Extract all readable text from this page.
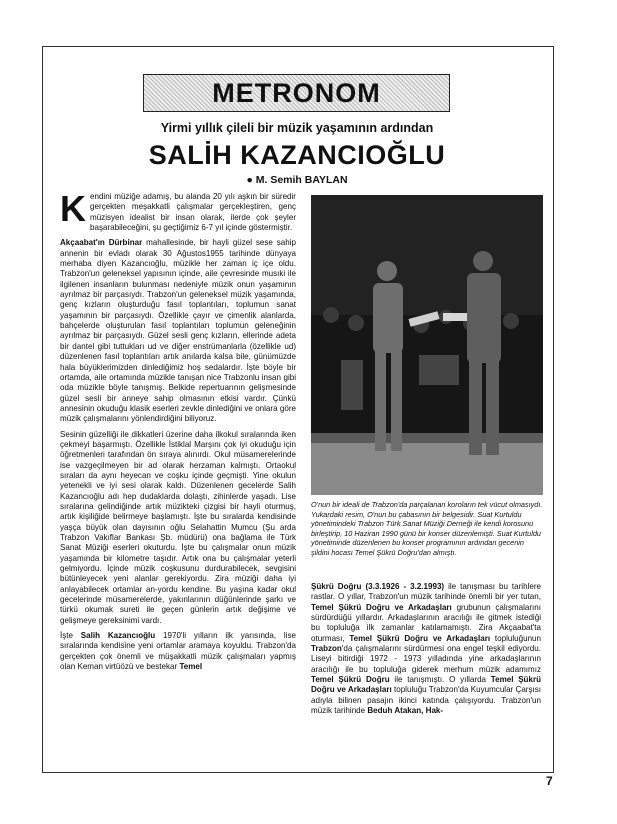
METRONOM
Yirmi yıllık çileli bir müzik yaşamının ardından
SALİH KAZANCIOĞLU
● M. Semih BAYLAN

Kendini müziğe adamış, bu alanda 20 yılı aşkın bir süredir gerçekten meşakkatli çalışmalar gerçekleştiren, genç müzisyen idealist bir insan olarak, ilerde çok şeyler başarabileceğini, şu geçtiğimiz 6-7 yıl içinde göstermiştir.

Akçaabat'ın Dürbinar mahallesinde, bir hayli güzel sese sahip annenin bir evladı olarak 30 Ağustos1955 tarihinde dünyaya merhaba diyen Kazancıoğlu, müzikle her zaman iç içe oldu. Trabzon'un geleneksel yapısının içinde, aile çevresinde musıki ile ilgilenen insanların bulunması nedeniyle müzik onun yaşamının ayrılmaz bir parçasıydı. Trabzon'un geleneksel müzik yaşamında, genç kızların oluşturduğu fasıl toplantıları, toplumun sanat yaşamının bir parçasıydı. Özellikle çayır ve çimenlik alanlarda, bahçelerde oluşturulan fasıl toplantıları toplumun geleneğinin ayrılmaz bir parçasıydı. Güzel sesli genç kızların, ellerinde adeta bir dantel gibi tuttukları ud ve diğer enstrümanlarla (özellikle ud) düzenlenen fasıl toplantıları artık anılarda kalsa bile, günümüzde hala büyüklerimizden dinlediğimiz hoş sedalardır. İşte böyle bir ortamda, aile ortamında müzikle tanışan nice Trabzonlu insan gibi oda müzikle böyle tanışmış. Belkide repertuarının gelişmesinde güzel sesli bir anneye sahip olmasının etkisi vardır. Çünkü annesinin okuduğu klasik eserleri zevkle dinlediğini ve onlara göre müzik çalışmalarını yönlendirdiğini biliyoruz.

Sesinin güzelliği ile dikkatleri üzerine daha ilkokul sıralarında iken çekmeyi başarmıştı. Özellikle İstiklal Marşını çok iyi okuduğu için öğretmenleri tarafından ön sıraya alınırdı. Okul müsamerelerinde ise vazgeçilmeyen bir ad olarak herzaman kalmıştı. Ortaokul sıraları da aynı heyecan ve coşku içinde geçmişti. Yine okulun yetenekli ve iyi sesi olarak kaldı. Düzenlenen gecelerde Salih Kazancıoğlu adı hep dudaklarda dolaştı, zihinlerde yaşadı. Lise sıralarına gelindiğinde artık müzikteki çizgisi bir hayli oturmuş, artık kişiliğide belirmeye başlamıştı. İşte bu sıralarda kendisinde yaşça büyük olan dayısının oğlu Selahattin Mumcu (Şu arda Trabzon Vakıflar Bankası Şb. müdürü) ona bağlama ile Türk Sanat Müziği eserleri okuturdu. İşte bu çalışmalar onun müzik yaşamında bir kilometre taşıdır. Artık ona bu çalışmalar yeterli gelmiyordu. İçinde müzik coşkusunu durdurabilecek, sevgisini bütünleyecek yeni alanlar gerekiyordu. Zira müziği daha iyi anlayabilecek ortamlar an-yordu kendine. Bu yaşına kadar okul gecelerinde müsamerelerde, yakınlarının düğünlerinde şarkı ve türkü okumak sureti ile geçen günlerin artık değişime ve gelişmeye gereksinimi vardı.

İşte Salih Kazancıoğlu 1970'li yılların ilk yarısında, lise sıralarında kendisine yeni ortamlar aramaya koyuldu. Trabzon'da gerçekten çok önemli ve müşakkatli müzik çalışmaları yapmış olan Keman virtüözü ve bestekar Temel

O'nun bir ideali de Trabzon'da parçalanan koroların tek vücut olmasıydı. Yukardaki resim, O'nun bu çabasının bir belgesidir. Suat Kurtuldu yönetimindeki Trabzon Türk Sanat Müziği Derneği ile kendi korosunu birleştirip, 10 Haziran 1990 günü bir konser düzenlemişti. Suat Kurtuldu yönetiminde düzenlenen bu konser programının ardından gecenin şildini hocası Temel Şükrü Doğru'dan almıştı.

Şükrü Doğru (3.3.1926 - 3.2.1993) ile tanışması bu tarihlere rastlar. O yıllar, Trabzon'un müzik tarihinde önemli bir yer tutan, Temel Şükrü Doğru ve Arkadaşları grubunun çalışmalarını sürdürdüğü yıllardır. Arkadaşlarının aracılığı ile gitmek istediği bu topluluğa ilk zamanlar katılamamıştı. Zira Akçaabat'ta oturması, Temel Şükrü Doğru ve Arkadaşları topluluğunun Trabzon'da çalışmalarını sürdürmesi ona engel teşkil ediyordu. Liseyi bitirdiği 1972 - 1973 yılladında yine arkadaşlarının aracılığı ile bu topluluğa giderek merhum müzik adamımız Temel Şükrü Doğru ile tanışmıştı. O yıllarda Temel Şükrü Doğru ve Arkadaşları topluluğu Trabzon'da Kuyumcular Çarşısı adıyla bilinen pasajın ikinci katında çalışıyordu. Trabzon'un müzik tarihinde Beduh Atakan, Hak-

7
